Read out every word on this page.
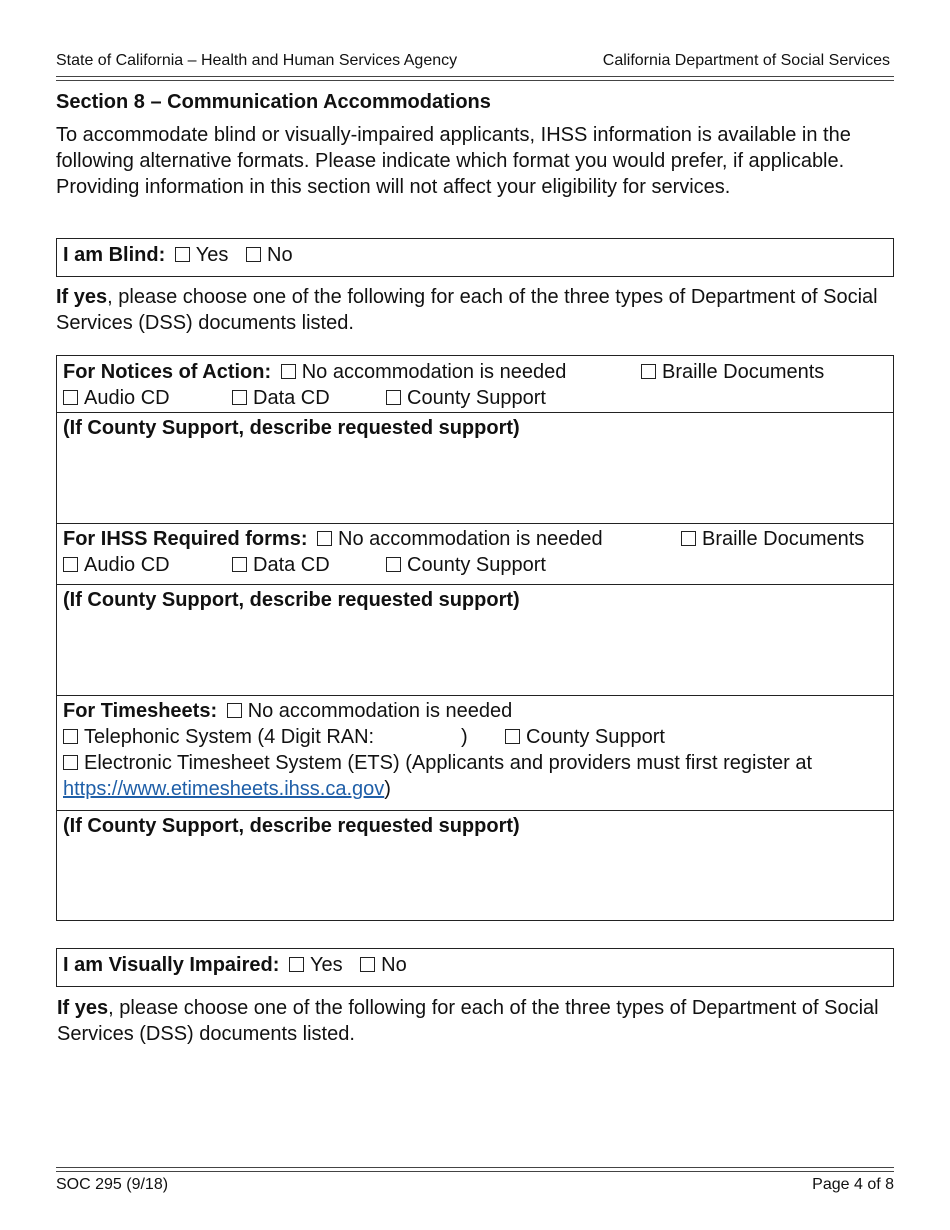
State of California – Health and Human Services Agency	California Department of Social Services
Section 8 – Communication Accommodations
To accommodate blind or visually-impaired applicants, IHSS information is available in the following alternative formats. Please indicate which format you would prefer, if applicable. Providing information in this section will not affect your eligibility for services.
I am Blind: Yes No
If yes, please choose one of the following for each of the three types of Department of Social Services (DSS) documents listed.
For Notices of Action: No accommodation is needed	Braille Documents
Audio CD	Data CD	County Support
(If County Support, describe requested support)
For IHSS Required forms: No accommodation is needed	Braille Documents
Audio CD	Data CD	County Support
(If County Support, describe requested support)
For Timesheets: No accommodation is needed
Telephonic System (4 Digit RAN:	)	County Support
Electronic Timesheet System (ETS) (Applicants and providers must first register at
https://www.etimesheets.ihss.ca.gov)
(If County Support, describe requested support)
I am Visually Impaired: Yes No
If yes, please choose one of the following for each of the three types of Department of Social Services (DSS) documents listed.
SOC 295 (9/18)	Page 4 of 8
